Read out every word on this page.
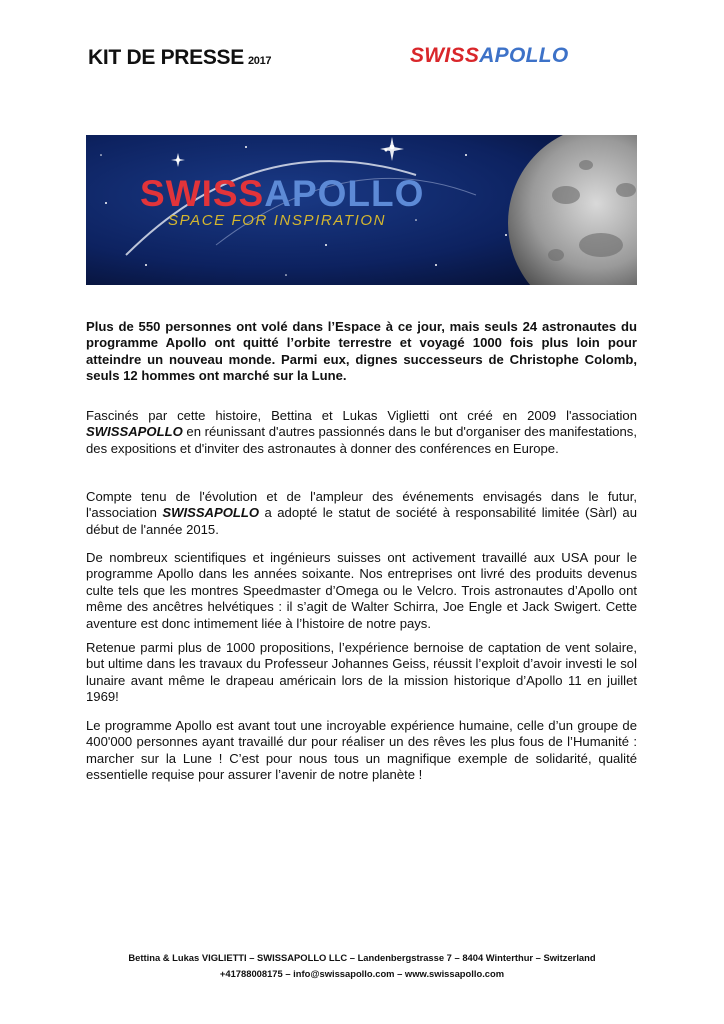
KIT DE PRESSE 2017	SWISSAPOLLO
SWISSAPOLLO
SPACE FOR INSPIRATION

Plus de 550 personnes ont volé dans l’Espace à ce jour, mais seuls 24 astronautes du programme Apollo ont quitté l’orbite terrestre et voyagé 1000 fois plus loin pour atteindre un nouveau monde. Parmi eux, dignes successeurs de Christophe Colomb, seuls 12 hommes ont marché sur la Lune.

Fascinés par cette histoire, Bettina et Lukas Viglietti ont créé en 2009 l'association SWISSAPOLLO en réunissant d'autres passionnés dans le but d'organiser des manifestations, des expositions et d'inviter des astronautes à donner des conférences en Europe.

Compte tenu de l'évolution et de l'ampleur des événements envisagés dans le futur, l'association SWISSAPOLLO a adopté le statut de société à responsabilité limitée (Sàrl) au début de l'année 2015.

De nombreux scientifiques et ingénieurs suisses ont activement travaillé aux USA pour le programme Apollo dans les années soixante. Nos entreprises ont livré des produits devenus culte tels que les montres Speedmaster d’Omega ou le Velcro. Trois astronautes d’Apollo ont même des ancêtres helvétiques : il s’agit de Walter Schirra, Joe Engle et Jack Swigert. Cette aventure est donc intimement liée à l’histoire de notre pays.

Retenue parmi plus de 1000 propositions, l’expérience bernoise de captation de vent solaire, but ultime dans les travaux du Professeur Johannes Geiss, réussit l’exploit d’avoir investi le sol lunaire avant même le drapeau américain lors de la mission historique d’Apollo 11 en juillet 1969!

Le programme Apollo est avant tout une incroyable expérience humaine, celle d’un groupe de 400'000 personnes ayant travaillé dur pour réaliser un des rêves les plus fous de l’Humanité : marcher sur la Lune ! C’est pour nous tous un magnifique exemple de solidarité, qualité essentielle requise pour assurer l’avenir de notre planète !

Bettina & Lukas VIGLIETTI – SWISSAPOLLO LLC – Landenbergstrasse 7 – 8404 Winterthur – Switzerland
+41788008175 – info@swissapollo.com – www.swissapollo.com
